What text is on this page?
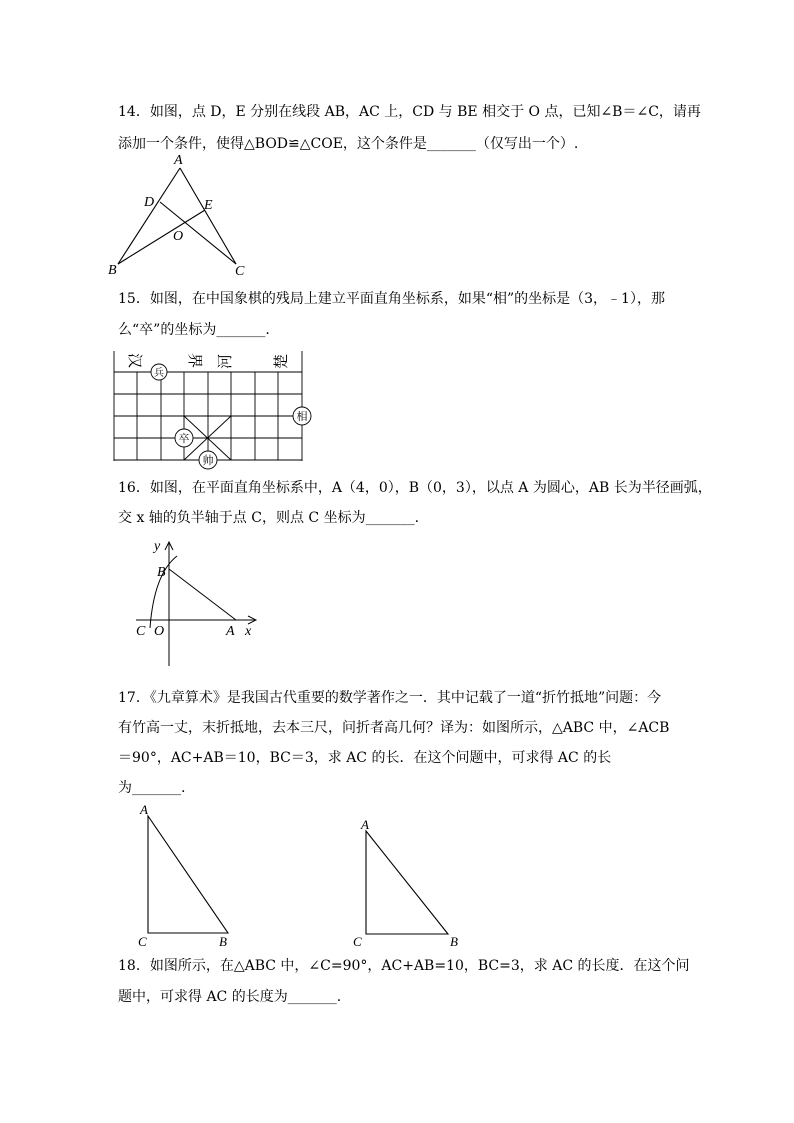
14．如图，点 D，E 分别在线段 AB，AC 上，CD 与 BE 相交于 O 点，已知∠B＝∠C，请再
添加一个条件，使得△BOD≌△COE，这个条件是_______（仅写出一个）.
A
B	C
D	E
O
15．如图，在中国象棋的残局上建立平面直角坐标系，如果“相”的坐标是（3，﹣1），那
么“卒”的坐标为_______.
汉	界 河	楚
兵
相
卒
帅
16．如图，在平面直角坐标系中，A（4，0），B（0，3），以点 A 为圆心，AB 长为半径画弧，
交 x 轴的负半轴于点 C，则点 C 坐标为_______.
y
B
C O	A x
17．《九章算术》是我国古代重要的数学著作之一．其中记载了一道“折竹抵地”问题：今
有竹高一丈，末折抵地，去本三尺，问折者高几何？译为：如图所示，△ABC 中，∠ACB
＝90°，AC+AB＝10，BC＝3，求 AC 的长．在这个问题中，可求得 AC 的长
为_______.
A
C	B
A
C	B
18．如图所示，在△ABC 中，∠C=90°，AC+AB=10，BC=3，求 AC 的长度．在这个问
题中，可求得 AC 的长度为_______.
